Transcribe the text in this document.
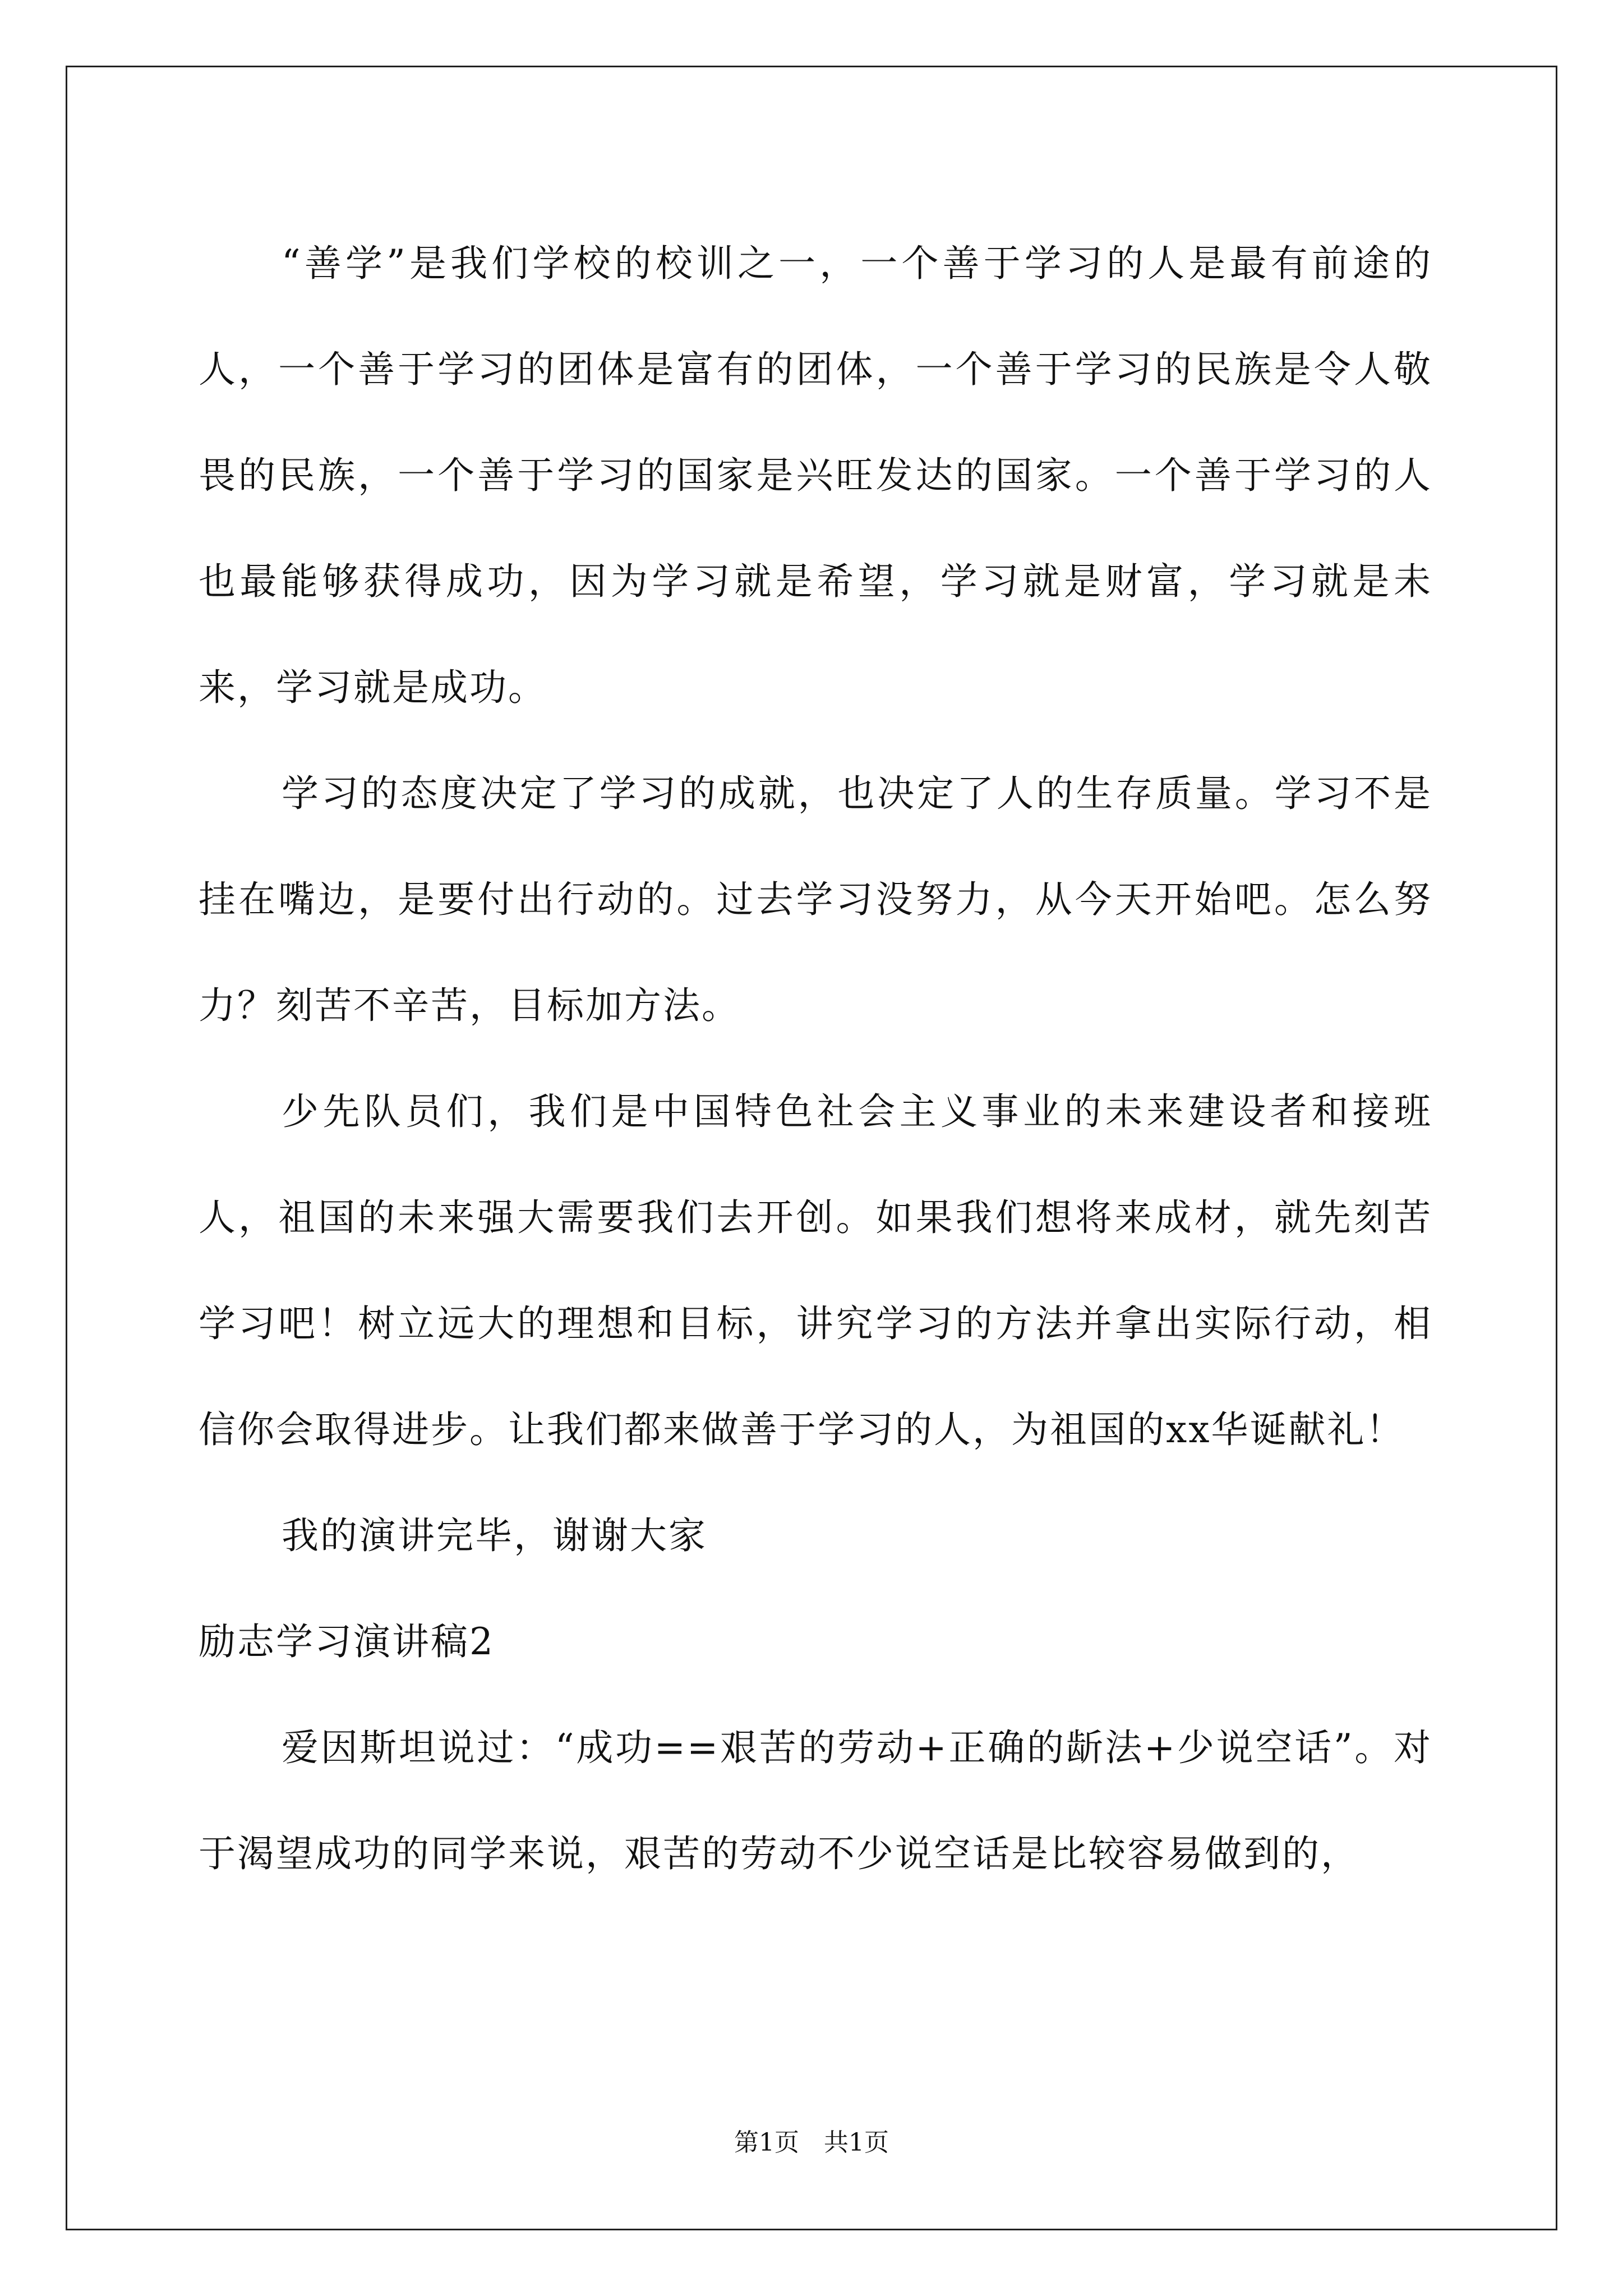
“善学”是我们学校的校训之一，一个善于学习的人是最有前途的人，一个善于学习的团体是富有的团体，一个善于学习的民族是令人敬畏的民族，一个善于学习的国家是兴旺发达的国家。一个善于学习的人也最能够获得成功，因为学习就是希望，学习就是财富，学习就是未来，学习就是成功。

学习的态度决定了学习的成就，也决定了人的生存质量。学习不是挂在嘴边，是要付出行动的。过去学习没努力，从今天开始吧。怎么努力？刻苦不辛苦，目标加方法。

少先队员们，我们是中国特色社会主义事业的未来建设者和接班人，祖国的未来强大需要我们去开创。如果我们想将来成材，就先刻苦学习吧！树立远大的理想和目标，讲究学习的方法并拿出实际行动，相信你会取得进步。让我们都来做善于学习的人，为祖国的xx华诞献礼！

我的演讲完毕，谢谢大家

励志学习演讲稿2

爱因斯坦说过：“成功==艰苦的劳动+正确的龂法+少说空话”。对于渴望成功的同学来说，艰苦的劳动不少说空话是比较容易做到的，

第1页　共1页
